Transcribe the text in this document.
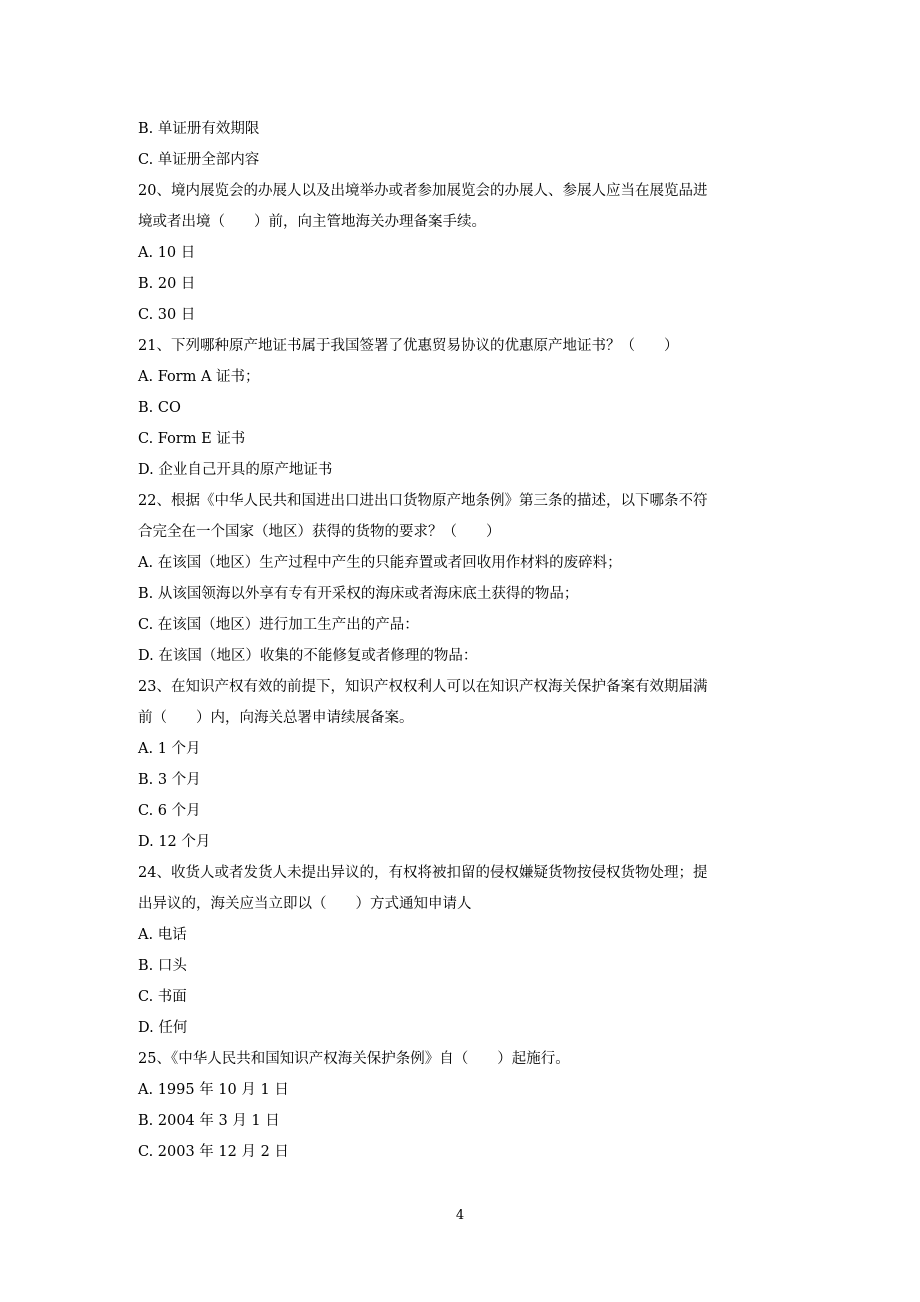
B. 单证册有效期限
C. 单证册全部内容
20、境内展览会的办展人以及出境举办或者参加展览会的办展人、参展人应当在展览品进
境或者出境（　　）前，向主管地海关办理备案手续。
A. 10 日
B. 20 日
C. 30 日
21、下列哪种原产地证书属于我国签署了优惠贸易协议的优惠原产地证书？（　　）
A. Form A 证书；
B. CO
C. Form E 证书
D. 企业自己开具的原产地证书
22、根据《中华人民共和国进出口进出口货物原产地条例》第三条的描述，以下哪条不符
合完全在一个国家（地区）获得的货物的要求？（　　）
A. 在该国（地区）生产过程中产生的只能弃置或者回收用作材料的废碎料；
B. 从该国领海以外享有专有开采权的海床或者海床底土获得的物品；
C. 在该国（地区）进行加工生产出的产品：
D. 在该国（地区）收集的不能修复或者修理的物品：
23、在知识产权有效的前提下，知识产权权利人可以在知识产权海关保护备案有效期届满
前（　　）内，向海关总署申请续展备案。
A. 1 个月
B. 3 个月
C. 6 个月
D. 12 个月
24、收货人或者发货人未提出异议的，有权将被扣留的侵权嫌疑货物按侵权货物处理；提
出异议的，海关应当立即以（　　）方式通知申请人
A. 电话
B. 口头
C. 书面
D. 任何
25、《中华人民共和国知识产权海关保护条例》自（　　）起施行。
A. 1995 年 10 月 1 日
B. 2004 年 3 月 1 日
C. 2003 年 12 月 2 日
4
